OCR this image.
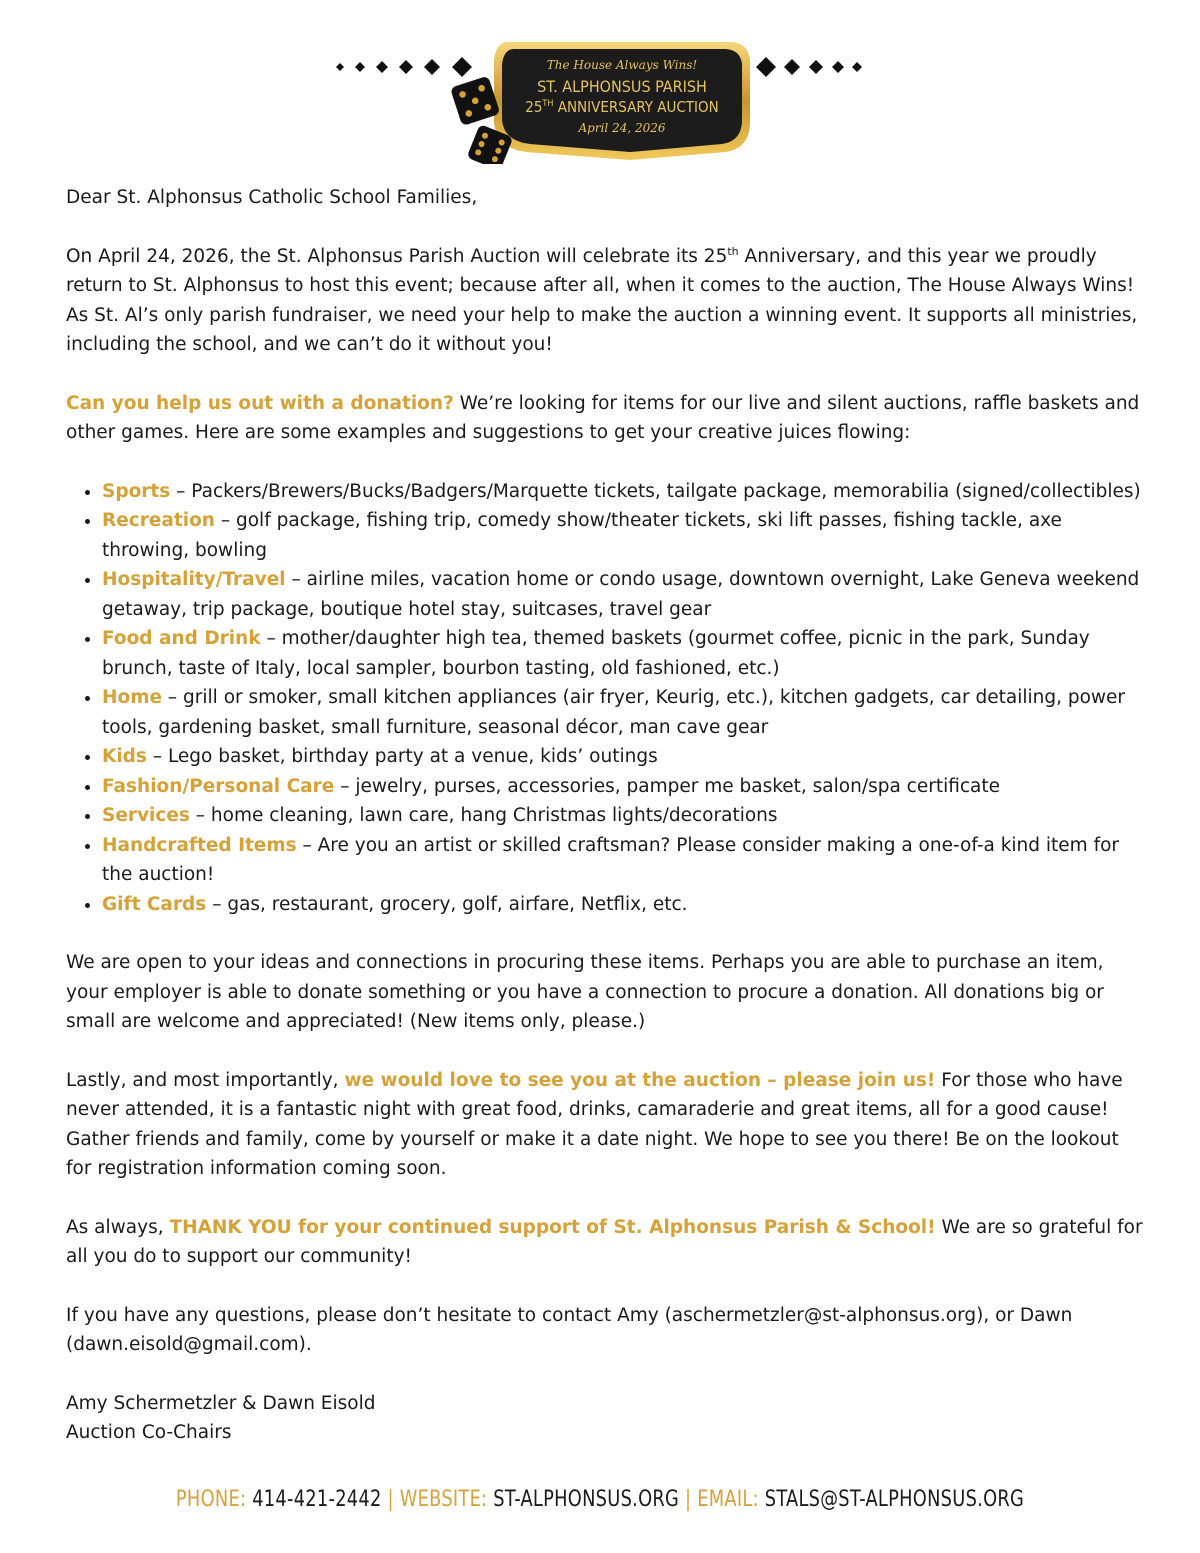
The House Always Wins!
ST. ALPHONSUS PARISH
25TH ANNIVERSARY AUCTION
April 24, 2026

Dear St. Alphonsus Catholic School Families,

On April 24, 2026, the St. Alphonsus Parish Auction will celebrate its 25th Anniversary, and this year we proudly return to St. Alphonsus to host this event; because after all, when it comes to the auction, The House Always Wins! As St. Al’s only parish fundraiser, we need your help to make the auction a winning event. It supports all ministries, including the school, and we can’t do it without you!

Can you help us out with a donation? We’re looking for items for our live and silent auctions, raffle baskets and other games. Here are some examples and suggestions to get your creative juices flowing:

• Sports – Packers/Brewers/Bucks/Badgers/Marquette tickets, tailgate package, memorabilia (signed/collectibles)
• Recreation – golf package, fishing trip, comedy show/theater tickets, ski lift passes, fishing tackle, axe throwing, bowling
• Hospitality/Travel – airline miles, vacation home or condo usage, downtown overnight, Lake Geneva weekend getaway, trip package, boutique hotel stay, suitcases, travel gear
• Food and Drink – mother/daughter high tea, themed baskets (gourmet coffee, picnic in the park, Sunday brunch, taste of Italy, local sampler, bourbon tasting, old fashioned, etc.)
• Home – grill or smoker, small kitchen appliances (air fryer, Keurig, etc.), kitchen gadgets, car detailing, power tools, gardening basket, small furniture, seasonal décor, man cave gear
• Kids – Lego basket, birthday party at a venue, kids’ outings
• Fashion/Personal Care – jewelry, purses, accessories, pamper me basket, salon/spa certificate
• Services – home cleaning, lawn care, hang Christmas lights/decorations
• Handcrafted Items – Are you an artist or skilled craftsman? Please consider making a one-of-a kind item for the auction!
• Gift Cards – gas, restaurant, grocery, golf, airfare, Netflix, etc.

We are open to your ideas and connections in procuring these items. Perhaps you are able to purchase an item, your employer is able to donate something or you have a connection to procure a donation. All donations big or small are welcome and appreciated! (New items only, please.)

Lastly, and most importantly, we would love to see you at the auction – please join us! For those who have never attended, it is a fantastic night with great food, drinks, camaraderie and great items, all for a good cause! Gather friends and family, come by yourself or make it a date night. We hope to see you there! Be on the lookout for registration information coming soon.

As always, THANK YOU for your continued support of St. Alphonsus Parish & School! We are so grateful for all you do to support our community!

If you have any questions, please don’t hesitate to contact Amy (aschermetzler@st-alphonsus.org), or Dawn (dawn.eisold@gmail.com).

Amy Schermetzler & Dawn Eisold

Auction Co-Chairs

PHONE: 414-421-2442 | WEBSITE: ST-ALPHONSUS.ORG | EMAIL: STALS@ST-ALPHONSUS.ORG
